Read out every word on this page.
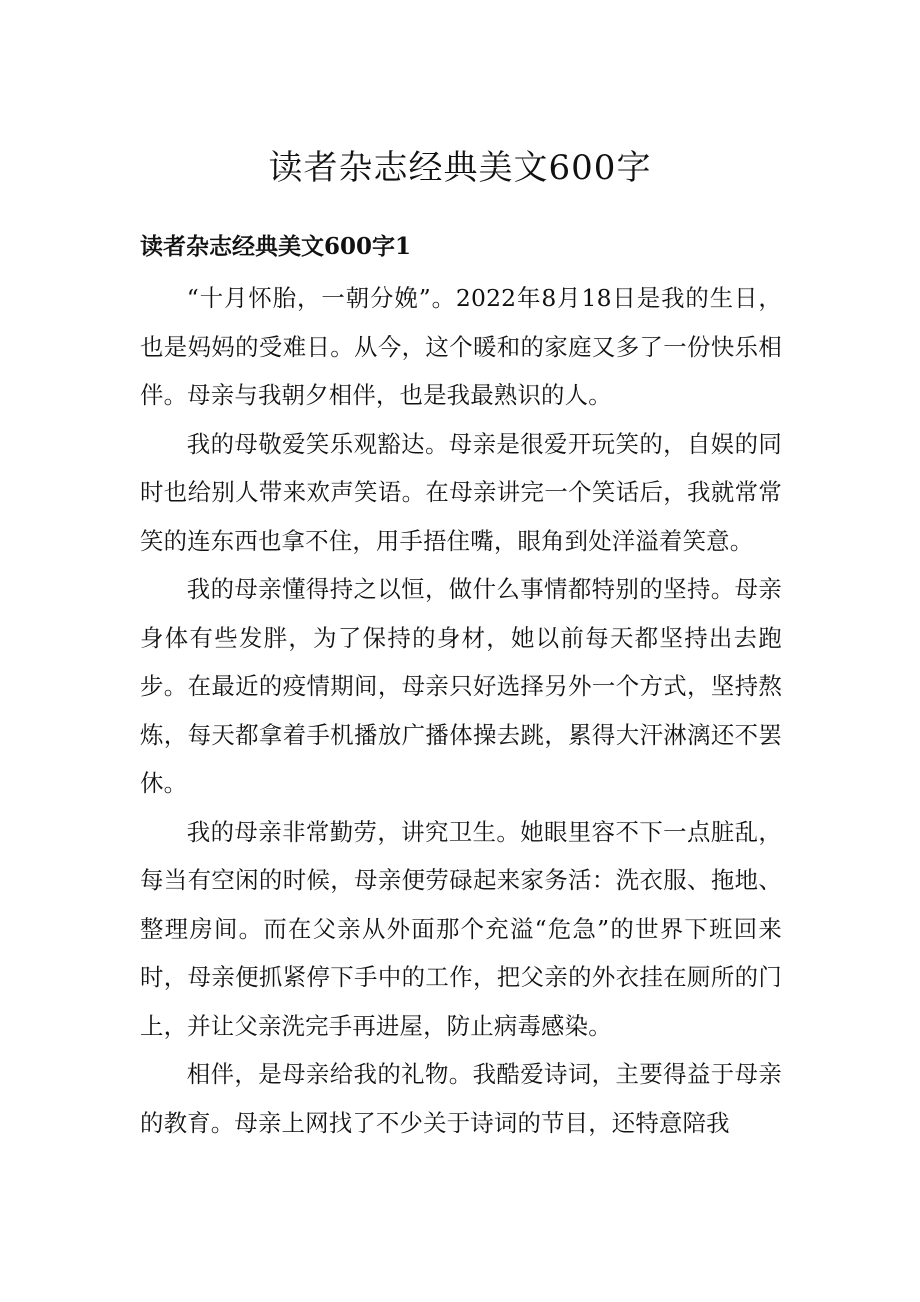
读者杂志经典美文600字
读者杂志经典美文600字1

“十月怀胎，一朝分娩”。2022年8月18日是我的生日，也是妈妈的受难日。从今，这个暖和的家庭又多了一份快乐相伴。母亲与我朝夕相伴，也是我最熟识的人。

我的母敬爱笑乐观豁达。母亲是很爱开玩笑的，自娱的同时也给别人带来欢声笑语。在母亲讲完一个笑话后，我就常常笑的连东西也拿不住，用手捂住嘴，眼角到处洋溢着笑意。

我的母亲懂得持之以恒，做什么事情都特别的坚持。母亲身体有些发胖，为了保持的身材，她以前每天都坚持出去跑步。在最近的疫情期间，母亲只好选择另外一个方式，坚持熬炼，每天都拿着手机播放广播体操去跳，累得大汗淋漓还不罢休。

我的母亲非常勤劳，讲究卫生。她眼里容不下一点脏乱，每当有空闲的时候，母亲便劳碌起来家务活：洗衣服、拖地、整理房间。而在父亲从外面那个充溢“危急”的世界下班回来时，母亲便抓紧停下手中的工作，把父亲的外衣挂在厕所的门上，并让父亲洗完手再进屋，防止病毒感染。

相伴，是母亲给我的礼物。我酷爱诗词，主要得益于母亲的教育。母亲上网找了不少关于诗词的节目，还特意陪我
